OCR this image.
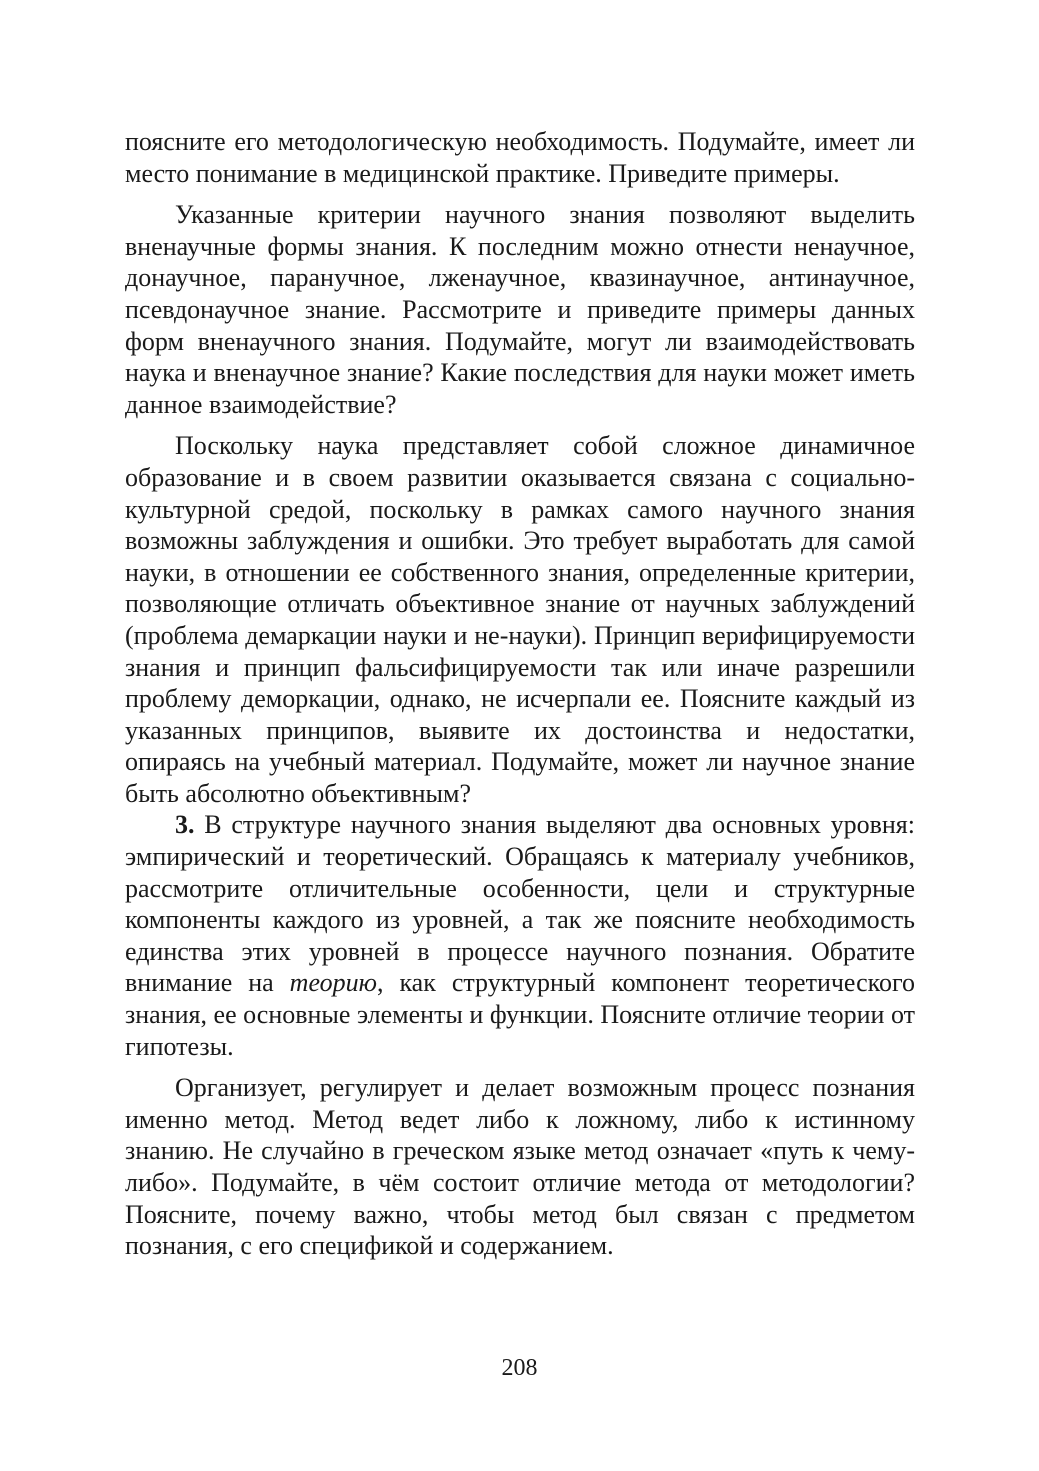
поясните его методологическую необходимость. Подумайте, имеет ли место понимание в медицинской практике. Приведите примеры.

Указанные критерии научного знания позволяют выделить вненаучные формы знания. К последним можно отнести ненаучное, донаучное, паранучное, лженаучное, квазинаучное, антинаучное, псевдонаучное знание. Рассмотрите и приведите примеры данных форм вненаучного знания. Подумайте, могут ли взаимодействовать наука и вненаучное знание? Какие последствия для науки может иметь данное взаимодействие?

Поскольку наука представляет собой сложное динамичное образование и в своем развитии оказывается связана с социально-культурной средой, поскольку в рамках самого научного знания возможны заблуждения и ошибки. Это требует выработать для самой науки, в отношении ее собственного знания, определенные критерии, позволяющие отличать объективное знание от научных заблуждений (проблема демаркации науки и не-науки). Принцип верифицируемости знания и принцип фальсифицируемости так или иначе разрешили проблему деморкации, однако, не исчерпали ее. Поясните каждый из указанных принципов, выявите их достоинства и недостатки, опираясь на учебный материал. Подумайте, может ли научное знание быть абсолютно объективным?

3. В структуре научного знания выделяют два основных уровня: эмпирический и теоретический. Обращаясь к материалу учебников, рассмотрите отличительные особенности, цели и структурные компоненты каждого из уровней, а так же поясните необходимость единства этих уровней в процессе научного познания. Обратите внимание на теорию, как структурный компонент теоретического знания, ее основные элементы и функции. Поясните отличие теории от гипотезы.

Организует, регулирует и делает возможным процесс познания именно метод. Метод ведет либо к ложному, либо к истинному знанию. Не случайно в греческом языке метод означает «путь к чему-либо». Подумайте, в чём состоит отличие метода от методологии? Поясните, почему важно, чтобы метод был связан с предметом познания, с его спецификой и содержанием.

208
